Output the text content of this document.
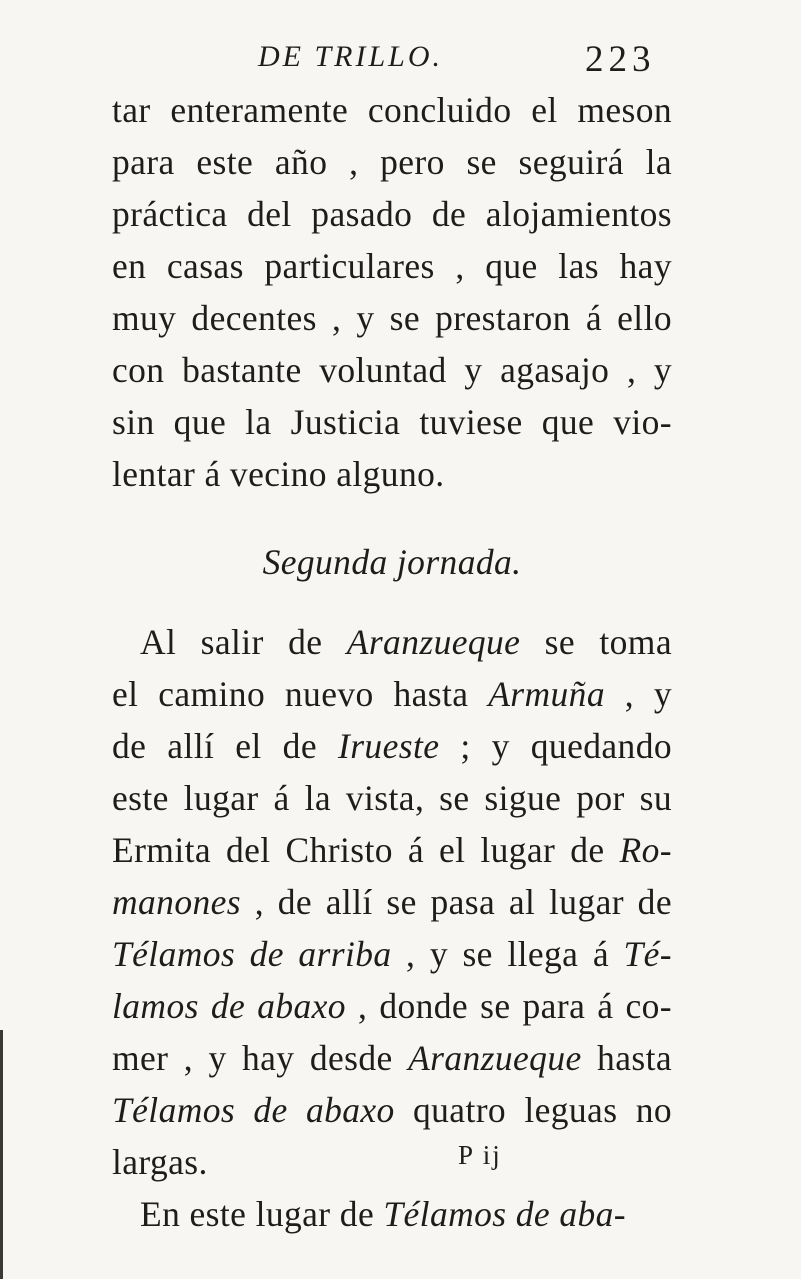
DE TRILLO.	223
tar enteramente concluido el meson
para este año , pero se seguirá la
práctica del pasado de alojamientos
en casas particulares , que las hay
muy decentes , y se prestaron á ello
con bastante voluntad y agasajo , y
sin que la Justicia tuviese que vio-
lentar á vecino alguno.
Segunda jornada.
Al salir de Aranzueque se toma
el camino nuevo hasta Armuña , y
de allí el de Irueste ; y quedando
este lugar á la vista, se sigue por su
Ermita del Christo á el lugar de Ro-
manones , de allí se pasa al lugar de
Télamos de arriba , y se llega á Té-
lamos de abaxo , donde se para á co-
mer , y hay desde Aranzueque hasta
Télamos de abaxo quatro leguas no
largas.
En este lugar de Télamos de aba-
P ij
